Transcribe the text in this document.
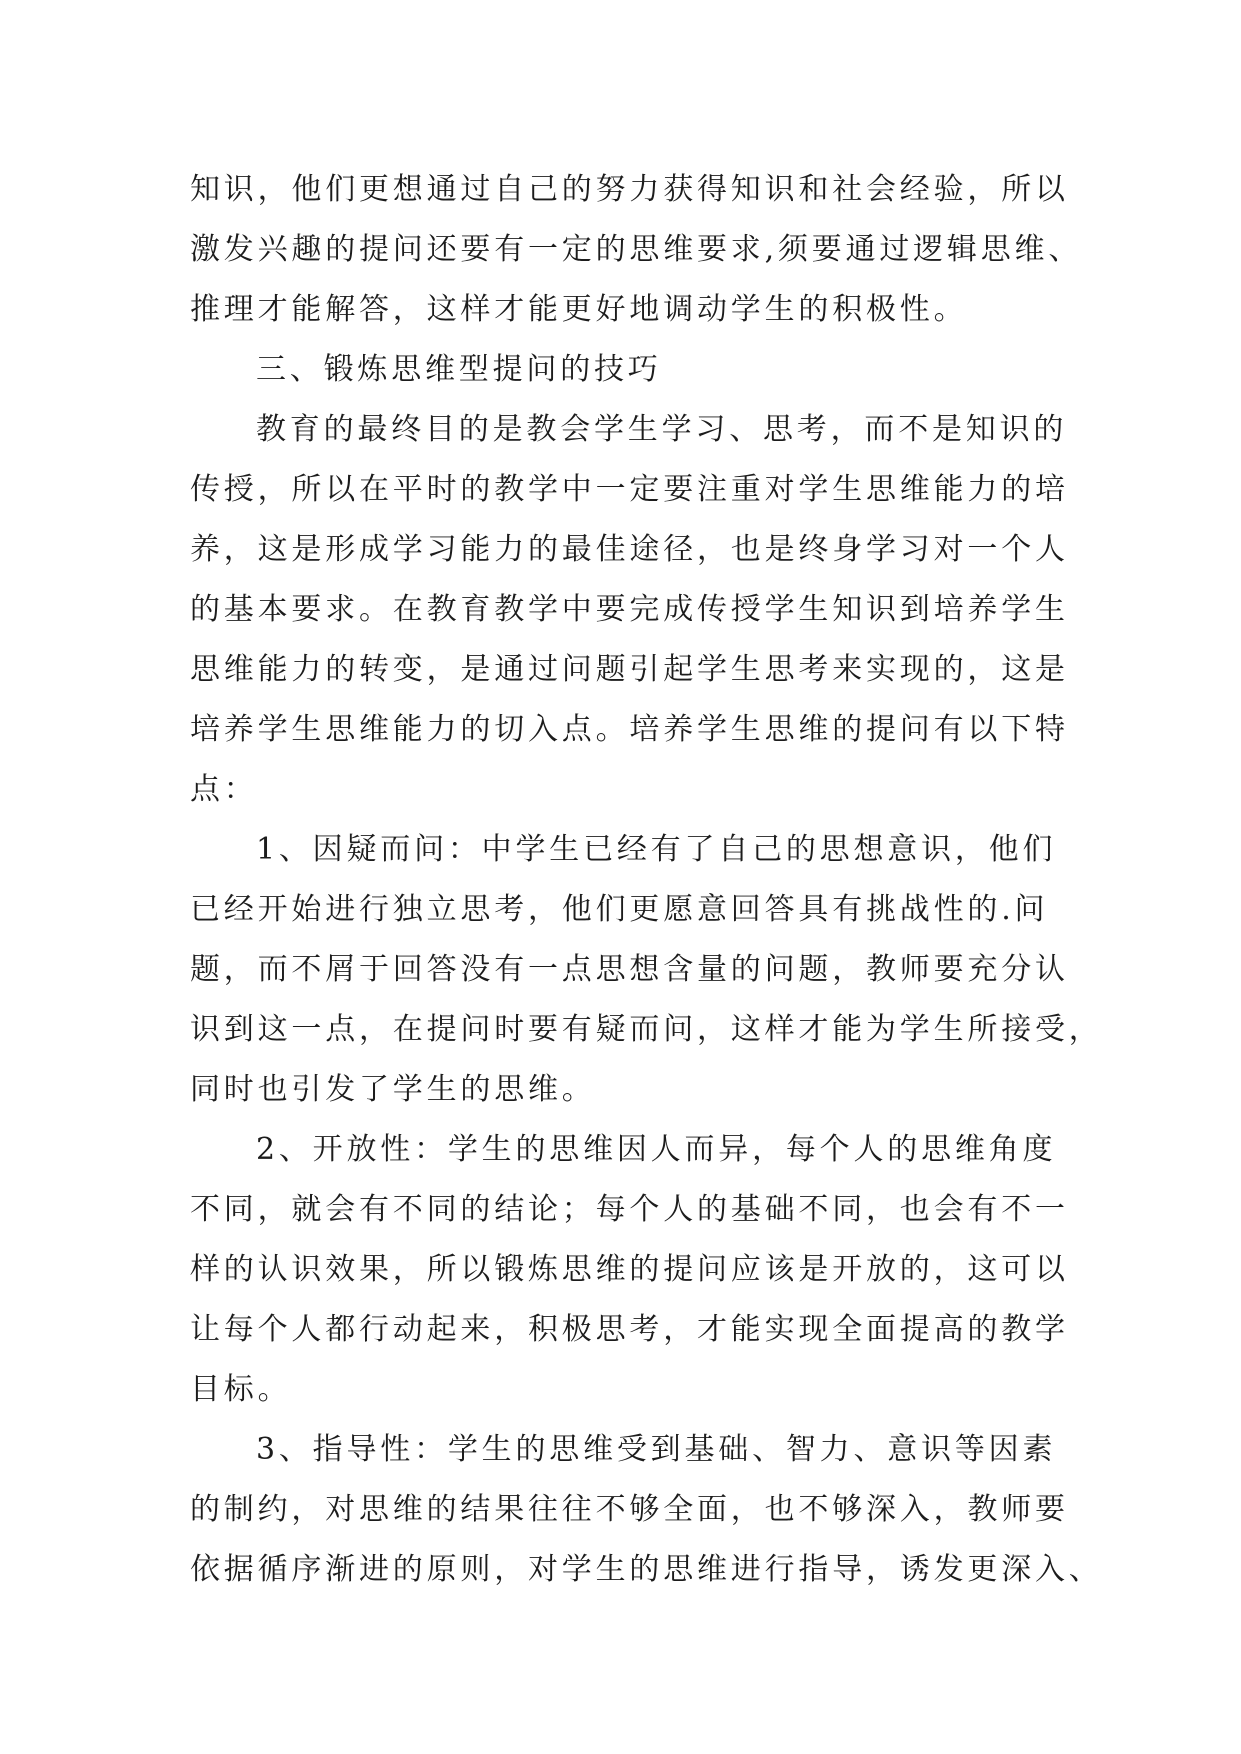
知识，他们更想通过自己的努力获得知识和社会经验，所以
激发兴趣的提问还要有一定的思维要求,须要通过逻辑思维、
推理才能解答，这样才能更好地调动学生的积极性。
三、锻炼思维型提问的技巧
教育的最终目的是教会学生学习、思考，而不是知识的
传授，所以在平时的教学中一定要注重对学生思维能力的培
养，这是形成学习能力的最佳途径，也是终身学习对一个人
的基本要求。在教育教学中要完成传授学生知识到培养学生
思维能力的转变，是通过问题引起学生思考来实现的，这是
培养学生思维能力的切入点。培养学生思维的提问有以下特
点：
1、因疑而问：中学生已经有了自己的思想意识，他们
已经开始进行独立思考，他们更愿意回答具有挑战性的.问
题，而不屑于回答没有一点思想含量的问题，教师要充分认
识到这一点，在提问时要有疑而问，这样才能为学生所接受，
同时也引发了学生的思维。
2、开放性：学生的思维因人而异，每个人的思维角度
不同，就会有不同的结论；每个人的基础不同，也会有不一
样的认识效果，所以锻炼思维的提问应该是开放的，这可以
让每个人都行动起来，积极思考，才能实现全面提高的教学
目标。
3、指导性：学生的思维受到基础、智力、意识等因素
的制约，对思维的结果往往不够全面，也不够深入，教师要
依据循序渐进的原则，对学生的思维进行指导，诱发更深入、
